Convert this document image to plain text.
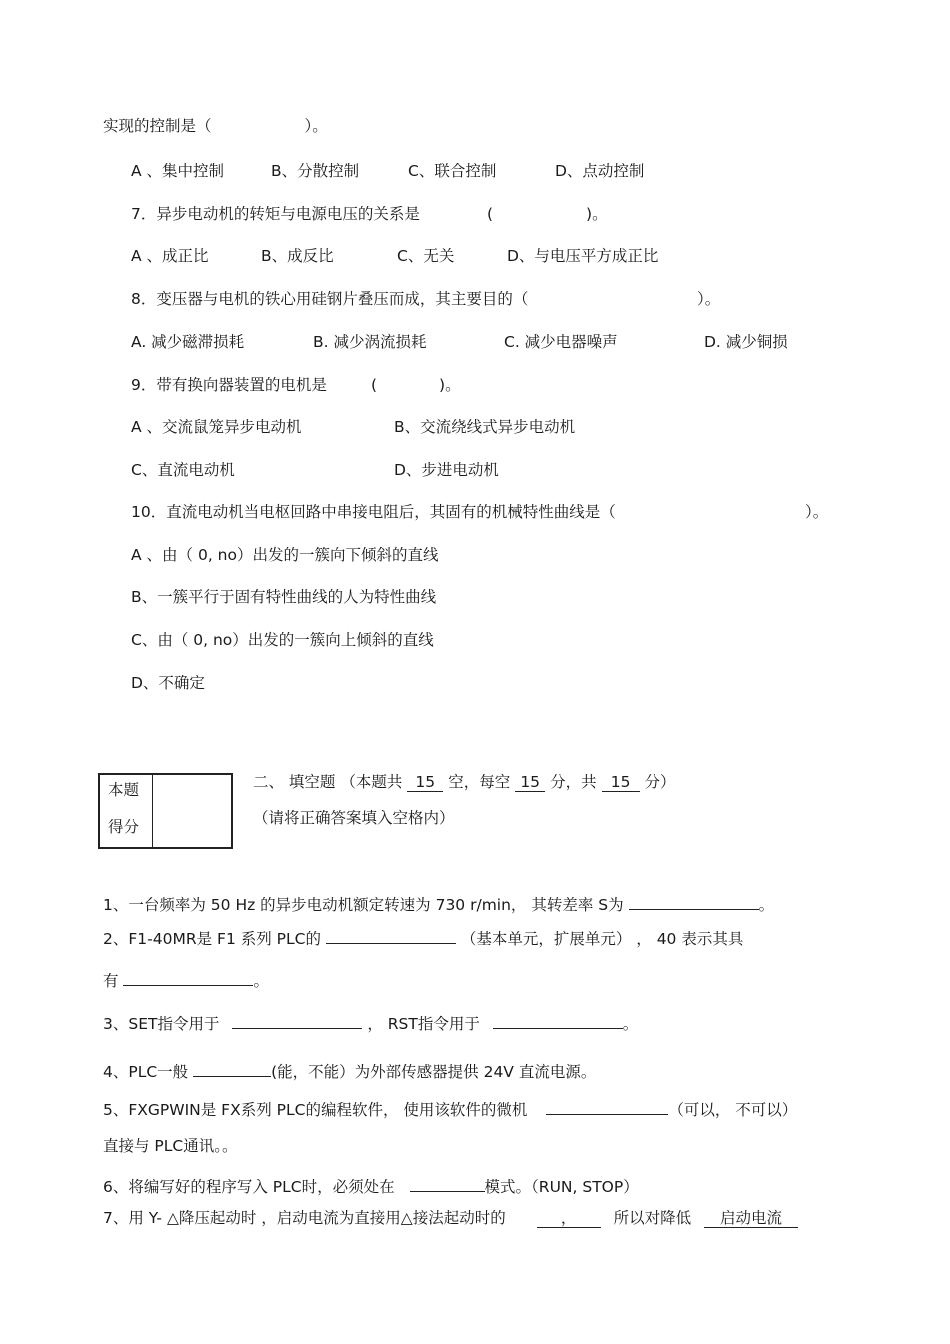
实现的控制是（　　　　　　）。
A 、集中控制	B、分散控制	C、联合控制	D、点动控制
7．异步电动机的转矩与电源电压的关系是	(　　　　　　)。
A 、成正比	B、成反比	C、无关	D、与电压平方成正比
8．变压器与电机的铁心用硅钢片叠压而成，其主要目的（	）。
A. 减少磁滞损耗	B. 减少涡流损耗	C. 减少电器噪声	D. 减少铜损
9．带有换向器装置的电机是	(　　　　)。
A 、交流鼠笼异步电动机	B、交流绕线式异步电动机
C、直流电动机	D、步进电动机
10．直流电动机当电枢回路中串接电阻后，其固有的机械特性曲线是（	）。
A 、由（ 0, no）出发的一簇向下倾斜的直线
B、一簇平行于固有特性曲线的人为特性曲线
C、由（ 0, no）出发的一簇向上倾斜的直线
D、不确定
本题
得分
二、 填空题 （本题共 15 空，每空 15 分，共 15 分）
（请将正确答案填入空格内）
1、一台频率为 50 Hz 的异步电动机额定转速为 730 r/min， 其转差率 S为	。
2、F1-40MR是 F1 系列 PLC的	（基本单元，扩展单元） ， 40 表示其具
有	。
3、SET指令用于	， RST指令用于	。
4、PLC一般	(能，不能）为外部传感器提供 24V 直流电源。
5、FXGPWIN是 FX系列 PLC的编程软件， 使用该软件的微机	（可以， 不可以）
直接与 PLC通讯。。
6、将编写好的程序写入 PLC时，必须处在	模式。（RUN, STOP）
7、用 Y- △降压起动时 ，启动电流为直接用△接法起动时的	， 所以对降低 启动电流
